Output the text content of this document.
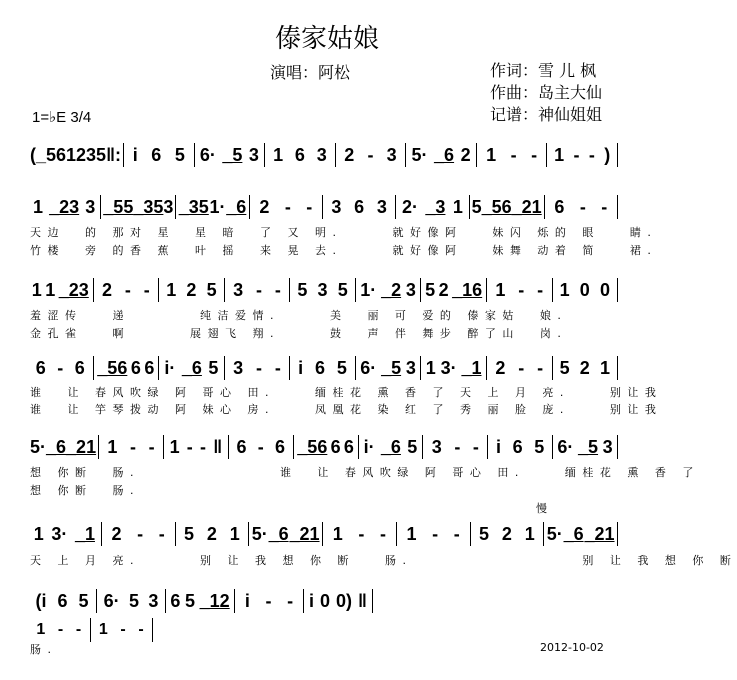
傣家姑娘
演唱：阿松	作词：雪 儿 枫
作曲：岛主大仙
记谱：神仙姐姐
1=♭E 3/4
(_561235 ‖: i 6 5 6· _5 3 1 6 3 2 - 3 5· _6 2 1 - - 1 - - )
1 _23 3 _55 _35 3 _35 1· _6 2 - - 3 6 3 2· _3 1 5 _56 _21 6 - -
天边  的 那对 星  星 暗  了 又 明.     就好像阿   妹闪 烁的 眼   睛.
竹楼  旁 的香 蕉  叶 摇  来 晃 去.     就好像阿   妹舞 动着 简   裙.
1 1 _23 2 - - 1 2 5 3 - - 5 3 5 1· _2 3 5 2 _16 1 - - 1 0 0
羞涩传   递       纯洁爱情.     美  丽 可 爱的 傣家姑  娘.
金孔雀   啊      展翅飞 翔.     鼓  声 伴 舞步 醉了山  岗.
6 - 6 _56 6 6 i· _6 5 3 - - i 6 5 6· _5 3 1 3· _1 2 - - 5 2 1
谁  让 春风吹绿 阿 哥心 田.    缅桂花 熏 香 了 天 上 月 亮.    别让我
谁  让 竽琴拨动 阿 妹心 房.    凤凰花 染 红 了 秀 丽 脸 庞.    别让我
5· _6 _21 1 - - 1 - - ‖ 6 - 6 _56 6 6 i· _6 5 3 - - i 6 5 6· _5 3
想 你断  肠.              谁  让 春风吹绿 阿 哥心 田.    缅桂花 熏 香 了
想 你断  肠.
慢
1 3· _1 2 - - 5 2 1 5· _6 _21 1 - - 1 - - 5 2 1 5· _6 _21
天 上 月 亮.      别 让 我 想 你 断   肠.                 别 让 我 想 你 断
(i 6 5 6· 5 3 6 5 _12 i - - i 0 0) ‖
1 - - 1 - -
肠.	2012-10-02
